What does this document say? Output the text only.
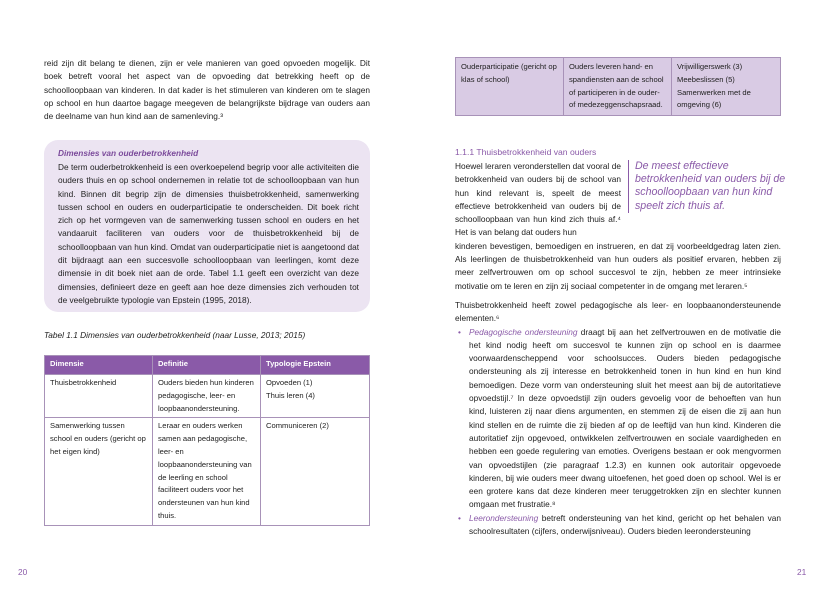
reid zijn dit belang te dienen, zijn er vele manieren van goed opvoeden mogelijk. Dit boek betreft vooral het aspect van de opvoeding dat betrekking heeft op de schoolloopbaan van kinderen. In dat kader is het stimuleren van kinderen om te slagen op school en hun daartoe bagage meegeven de belangrijkste bijdrage van ouders aan de deelname van hun kind aan de samenleving.³
Dimensies van ouderbetrokkenheid
De term ouderbetrokkenheid is een overkoepelend begrip voor alle activiteiten die ouders thuis en op school ondernemen in relatie tot de schoolloopbaan van hun kind. Binnen dit begrip zijn de dimensies thuisbetrokkenheid, samenwerking tussen school en ouders en ouderparticipatie te onderscheiden. Dit boek richt zich op het vormgeven van de samenwerking tussen school en ouders en het vandaaruit faciliteren van ouders voor de thuisbetrokkenheid bij de schoolloopbaan van hun kind. Omdat van ouderparticipatie niet is aangetoond dat dit bijdraagt aan een succesvolle schoolloopbaan van leerlingen, komt deze dimensie in dit boek niet aan de orde. Tabel 1.1 geeft een overzicht van deze dimensies, definieert deze en geeft aan hoe deze dimensies zich verhouden tot de veelgebruikte typologie van Epstein (1995, 2018).
Tabel 1.1 Dimensies van ouderbetrokkenheid (naar Lusse, 2013; 2015)
Dimensie	Definitie	Typologie Epstein
Thuisbetrokkenheid	Ouders bieden hun kinderen pedagogische, leer- en loopbaanondersteuning.	Opvoeden (1)
Thuis leren (4)
Samenwerking tussen school en ouders (gericht op het eigen kind)	Leraar en ouders werken samen aan pedagogische, leer- en loopbaanondersteuning van de leerling en school faciliteert ouders voor het ondersteunen van hun kind thuis.	Communiceren (2)
20
Ouderparticipatie (gericht op klas of school)	Ouders leveren hand- en spandiensten aan de school of participeren in de ouder- of medezeggenschapsraad.	Vrijwilligerswerk (3)
Meebeslissen (5)
Samenwerken met de omgeving (6)
1.1.1 Thuisbetrokkenheid van ouders
De meest effectieve betrokkenheid van ouders bij de schoolloopbaan van hun kind speelt zich thuis af.
Hoewel leraren veronderstellen dat vooral de betrokkenheid van ouders bij de school van hun kind relevant is, speelt de meest effectieve betrokkenheid van ouders bij de schoolloopbaan van hun kind zich thuis af.⁴ Het is van belang dat ouders hun
kinderen bevestigen, bemoedigen en instrueren, en dat zij voorbeeldgedrag laten zien. Als leerlingen de thuisbetrokkenheid van hun ouders als positief ervaren, hebben zij meer zelfvertrouwen om op school succesvol te zijn, hebben ze meer intrinsieke motivatie om te leren en zijn zij sociaal competenter in de omgang met leraren.⁵
Thuisbetrokkenheid heeft zowel pedagogische als leer- en loopbaanondersteunende elementen.⁶
• Pedagogische ondersteuning draagt bij aan het zelfvertrouwen en de motivatie die het kind nodig heeft om succesvol te kunnen zijn op school en is daarmee voorwaardenscheppend voor schoolsucces. Ouders bieden pedagogische ondersteuning als zij interesse en betrokkenheid tonen in hun kind en hun kind bemoedigen. Deze vorm van ondersteuning sluit het meest aan bij de autoritatieve opvoedstijl.⁷ In deze opvoedstijl zijn ouders gevoelig voor de behoeften van hun kind, luisteren zij naar diens argumenten, en stemmen zij de eisen die zij aan hun kind stellen en de ruimte die zij bieden af op de leeftijd van hun kind. Kinderen die autoritatief zijn opgevoed, ontwikkelen zelfvertrouwen en sociale vaardigheden en hebben een goede regulering van emoties. Overigens bestaan er ook mengvormen van opvoedstijlen (zie paragraaf 1.2.3) en kunnen ook autoritair opgevoede kinderen, bij wie ouders meer dwang uitoefenen, het goed doen op school. Wel is er een grotere kans dat deze kinderen meer teruggetrokken zijn en slechter kunnen omgaan met frustratie.⁸
• Leerondersteuning betreft ondersteuning van het kind, gericht op het behalen van schoolresultaten (cijfers, onderwijsniveau). Ouders bieden leerondersteuning
21
